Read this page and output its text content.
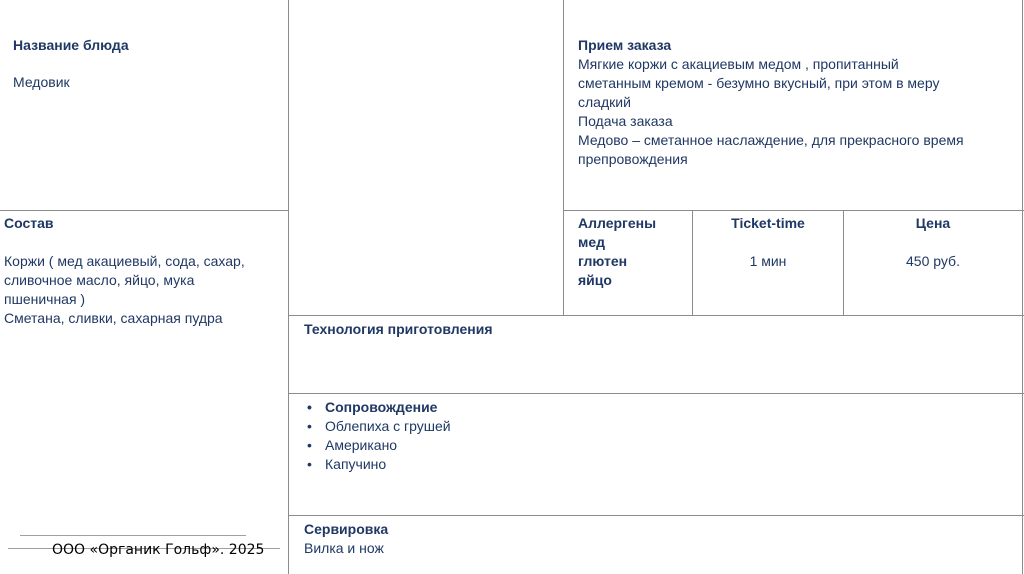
Название блюда
Медовик
Прием заказа
Мягкие коржи с акациевым медом , пропитанный
сметанным кремом - безумно вкусный, при этом в меру
сладкий
Подача заказа
Медово – сметанное наслаждение, для прекрасного время
препровождения
Состав
Коржи ( мед акациевый, сода, сахар,
сливочное масло, яйцо, мука
пшеничная )
Сметана, сливки, сахарная пудра
Аллергены
мед
глютен
яйцо
Ticket-time
1 мин
Цена
450 руб.
Технология приготовления
• Сопровождение
• Облепиха с грушей
• Американо
• Капучино
Сервировка
Вилка и нож
ООО «Органик Гольф». 2025
